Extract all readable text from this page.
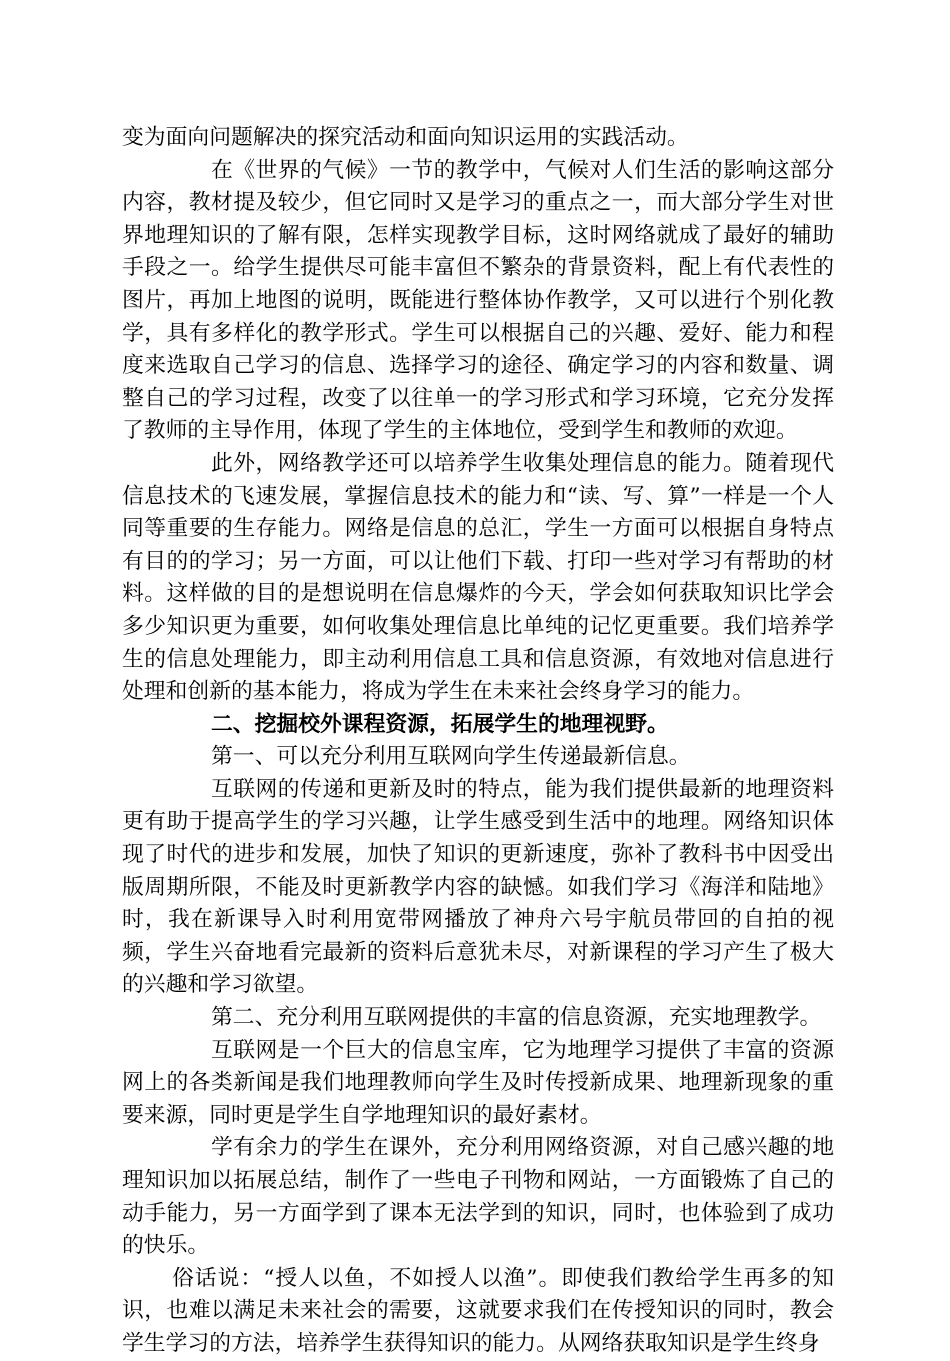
变为面向问题解决的探究活动和面向知识运用的实践活动。

在《世界的气候》一节的教学中，气候对人们生活的影响这部分内容，教材提及较少，但它同时又是学习的重点之一，而大部分学生对世界地理知识的了解有限，怎样实现教学目标，这时网络就成了最好的辅助手段之一。给学生提供尽可能丰富但不繁杂的背景资料，配上有代表性的图片，再加上地图的说明，既能进行整体协作教学，又可以进行个别化教学，具有多样化的教学形式。学生可以根据自己的兴趣、爱好、能力和程度来选取自己学习的信息、选择学习的途径、确定学习的内容和数量、调整自己的学习过程，改变了以往单一的学习形式和学习环境，它充分发挥了教师的主导作用，体现了学生的主体地位，受到学生和教师的欢迎。

此外，网络教学还可以培养学生收集处理信息的能力。随着现代信息技术的飞速发展，掌握信息技术的能力和“读、写、算”一样是一个人同等重要的生存能力。网络是信息的总汇，学生一方面可以根据自身特点有目的的学习；另一方面，可以让他们下载、打印一些对学习有帮助的材料。这样做的目的是想说明在信息爆炸的今天，学会如何获取知识比学会多少知识更为重要，如何收集处理信息比单纯的记忆更重要。我们培养学生的信息处理能力，即主动利用信息工具和信息资源，有效地对信息进行处理和创新的基本能力，将成为学生在未来社会终身学习的能力。

二、挖掘校外课程资源，拓展学生的地理视野。

第一、可以充分利用互联网向学生传递最新信息。

互联网的传递和更新及时的特点，能为我们提供最新的地理资料更有助于提高学生的学习兴趣，让学生感受到生活中的地理。网络知识体现了时代的进步和发展，加快了知识的更新速度，弥补了教科书中因受出版周期所限，不能及时更新教学内容的缺憾。如我们学习《海洋和陆地》时，我在新课导入时利用宽带网播放了神舟六号宇航员带回的自拍的视频，学生兴奋地看完最新的资料后意犹未尽，对新课程的学习产生了极大的兴趣和学习欲望。

第二、充分利用互联网提供的丰富的信息资源，充实地理教学。

互联网是一个巨大的信息宝库，它为地理学习提供了丰富的资源网上的各类新闻是我们地理教师向学生及时传授新成果、地理新现象的重要来源，同时更是学生自学地理知识的最好素材。

学有余力的学生在课外，充分利用网络资源，对自己感兴趣的地理知识加以拓展总结，制作了一些电子刊物和网站，一方面锻炼了自己的动手能力，另一方面学到了课本无法学到的知识，同时，也体验到了成功的快乐。

俗话说：“授人以鱼，不如授人以渔”。即使我们教给学生再多的知识，也难以满足未来社会的需要，这就要求我们在传授知识的同时，教会学生学习的方法，培养学生获得知识的能力。从网络获取知识是学生终身
